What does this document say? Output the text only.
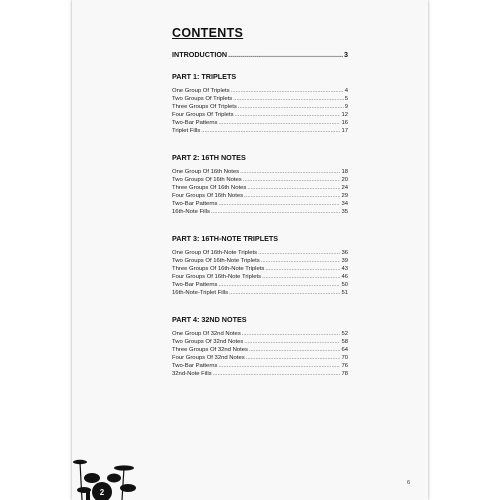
CONTENTS
INTRODUCTION .....	3
PART 1: TRIPLETS
One Group Of Triplets .....	4
Two Groups Of Triplets .....	5
Three Groups Of Triplets .....	9
Four Groups Of Triplets .....	12
Two-Bar Patterns .....	16
Triplet Fills .....	17
PART 2: 16TH NOTES
One Group Of 16th Notes .....	18
Two Groups Of 16th Notes .....	20
Three Groups Of 16th Notes .....	24
Four Groups Of 16th Notes .....	29
Two-Bar Patterns .....	34
16th-Note Fills .....	35
PART 3: 16TH-NOTE TRIPLETS
One Group Of 16th-Note Triplets .....	36
Two Groups Of 16th-Note Triplets .....	39
Three Groups Of 16th-Note Triplets .....	43
Four Groups Of 16th-Note Triplets .....	46
Two-Bar Patterns .....	50
16th-Note-Triplet Fills .....	51
PART 4: 32ND NOTES
One Group Of 32nd Notes .....	52
Two Groups Of 32nd Notes .....	58
Three Groups Of 32nd Notes .....	64
Four Groups Of 32nd Notes .....	70
Two-Bar Patterns .....	76
32nd-Note Fills .....	78
2
6
